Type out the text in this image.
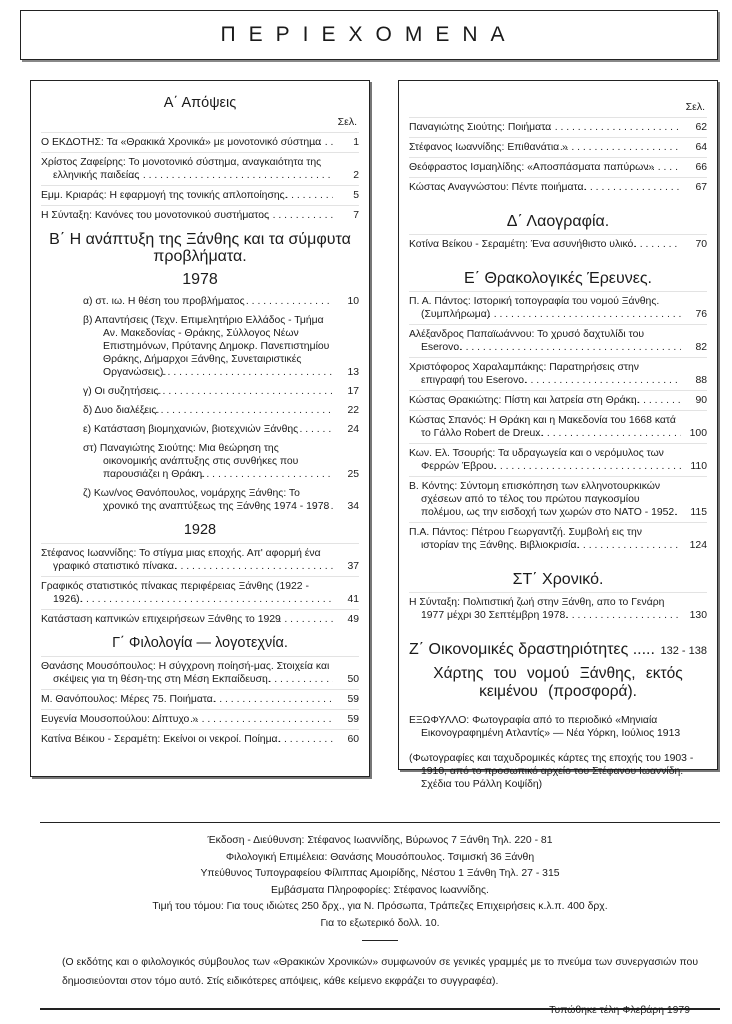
ΠΕΡΙΕΧΟΜΕΝΑ
Α΄ Απόψεις
Σελ.
Ο ΕΚΔΟΤΗΣ: Τα «Θρακικά Χρονικά» με μονοτονικό σύστημα . . .	1
Χρίστος Ζαφείρης: Το μονοτονικό σύστημα, αναγκαιότητα της ελληνικής παιδείας . . .	2
Εμμ. Κριαράς: Η εφαρμογή της τονικής απλοποίησης. . . .	5
Η Σύνταξη: Κανόνες του μονοτονικού συστήματος . . .	7
Β΄ Η ανάπτυξη της Ξάνθης και τα σύμφυτα προβλήματα.
1978
α) στ. ιω. Η θέση του προβλήματος . . .	10
β) Απαντήσεις (Τεχν. Επιμελητήριο Ελλάδος - Τμήμα Αν. Μακεδονίας - Θράκης, Σύλλογος Νέων Επιστημόνων, Πρύτανης Δημοκρ. Πανεπιστημίου Θράκης, Δήμαρχοι Ξάνθης, Συνεταιριστικές Οργανώσεις). . . .	13
γ) Οι συζητήσεις. . . .	17
δ) Δυο διαλέξεις. . . .	22
ε) Κατάσταση βιομηχανιών, βιοτεχνιών Ξάνθης . . .	24
στ) Παναγιώτης Σιούτης: Μια θεώρηση της οικονομικής ανάπτυξης στις συνθήκες που παρουσιάζει η Θράκη. . . .	25
ζ) Κων/νος Θανόπουλος, νομάρχης Ξάνθης: Το χρονικό της αναπτύξεως της Ξάνθης 1974 - 1978 . . .	34
1928
Στέφανος Ιωαννίδης: Το στίγμα μιας εποχής. Απ' αφορμή ένα γραφικό στατιστικό πίνακα. . . .	37
Γραφικός στατιστικός πίνακας περιφέρειας Ξάνθης (1922 - 1926). . . .	41
Κατάσταση καπνικών επιχειρήσεων Ξάνθης το 1929 . . .	49
Γ΄ Φιλολογία — λογοτεχνία.
Θανάσης Μουσόπουλος: Η σύγχρονη ποίησή-μας. Στοιχεία και σκέψεις για τη θέση-της στη Μέση Εκπαίδευση. . . .	50
Μ. Θανόπουλος: Μέρες 75. Ποιήματα. . . .	59
Ευγενία Μουσοπούλου: Δίπτυχο » . . .	59
Κατίνα Βέικου - Σεραμέτη: Εκείνοι οι νεκροί. Ποίημα. . . .	60
Σελ.
Παναγιώτης Σιούτης: Ποιήματα . . .	62
Στέφανος Ιωαννίδης: Επιθανάτια » . . .	64
Θεόφραστος Ισμαηλίδης: «Αποσπάσματα παπύρων» . . .	66
Κώστας Αναγνώστου: Πέντε ποιήματα. . . .	67
Δ΄ Λαογραφία.
Κοτίνα Βείκου - Σεραμέτη: Ένα ασυνήθιστο υλικό. . . .	70
Ε΄ Θρακολογικές Έρευνες.
Π. Α. Πάντος: Ιστορική τοπογραφία του νομού Ξάνθης. (Συμπλήρωμα) . . .	76
Αλέξανδρος Παπαϊωάννου: Το χρυσό δαχτυλίδι του Eserovo. . . .	82
Χριστόφορος Χαραλαμπάκης: Παρατηρήσεις στην επιγραφή του Eserovo. . . .	88
Κώστας Θρακιώτης: Πίστη και λατρεία στη Θράκη. . . .	90
Κώστας Σπανός: Η Θράκη και η Μακεδονία του 1668 κατά το Γάλλο Robert de Dreux. . . .	100
Κων. Ελ. Τσουρής: Τα υδραγωγεία και ο νερόμυλος των Φερρών Έβρου. . . .	110
Β. Κόντης: Σύντομη επισκόπηση των ελληνοτουρκικών σχέσεων από το τέλος του πρώτου παγκοσμίου πολέμου, ως την εισδοχή των χωρών στο ΝΑΤΟ - 1952. . . .	115
Π.Α. Πάντος: Πέτρου Γεωργαντζή. Συμβολή εις την ιστορίαν της Ξάνθης. Βιβλιοκρισία. . . .	124
ΣΤ΄ Χρονικό.
Η Σύνταξη: Πολιτιστική ζωή στην Ξάνθη, απο το Γενάρη 1977 μέχρι 30 Σεπτέμβρη 1978. . . .	130
Ζ΄ Οικονομικές δραστηριότητες ..... 132 - 138
Χάρτης του νομού Ξάνθης, εκτός κειμένου (προσφορά).
ΕΞΩΦΥΛΛΟ: Φωτογραφία από το περιοδικό «Μηνιαία Εικονογραφημένη Ατλαντίς» — Νέα Υόρκη, Ιούλιος 1913
(Φωτογραφίες και ταχυδρομικές κάρτες της εποχής του 1903 - 1910, από το προσωπικό αρχείο του Στέφανου Ιωαννίδη. Σχέδια του Ράλλη Κοψίδη)
Έκδοση - Διεύθυνση: Στέφανος Ιωαννίδης, Βύρωνος 7 Ξάνθη Τηλ. 220 - 81
Φιλολογική Επιμέλεια: Θανάσης Μουσόπουλος. Τσιμισκή 36 Ξάνθη
Υπεύθυνος Τυπογραφείου Φίλιππας Αμοιρίδης, Νέστου 1 Ξάνθη Τηλ. 27 - 315
Εμβάσματα Πληροφορίες: Στέφανος Ιωαννίδης.
Τιμή του τόμου: Για τους ιδιώτες 250 δρχ., για Ν. Πρόσωπα, Τράπεζες Επιχειρήσεις κ.λ.π. 400 δρχ.
Για το εξωτερικό δολλ. 10.
(Ο εκδότης και ο φιλολογικός σύμβουλος των «Θρακικών Χρονικών» συμφωνούν σε γενικές γραμμές με το πνεύμα των συνεργασιών που δημοσιεύονται στον τόμο αυτό. Στίς ειδικότερες απόψεις, κάθε κείμενο εκφράζει το συγγραφέα).
Τυπώθηκε τέλη Φλεβάρη 1979
